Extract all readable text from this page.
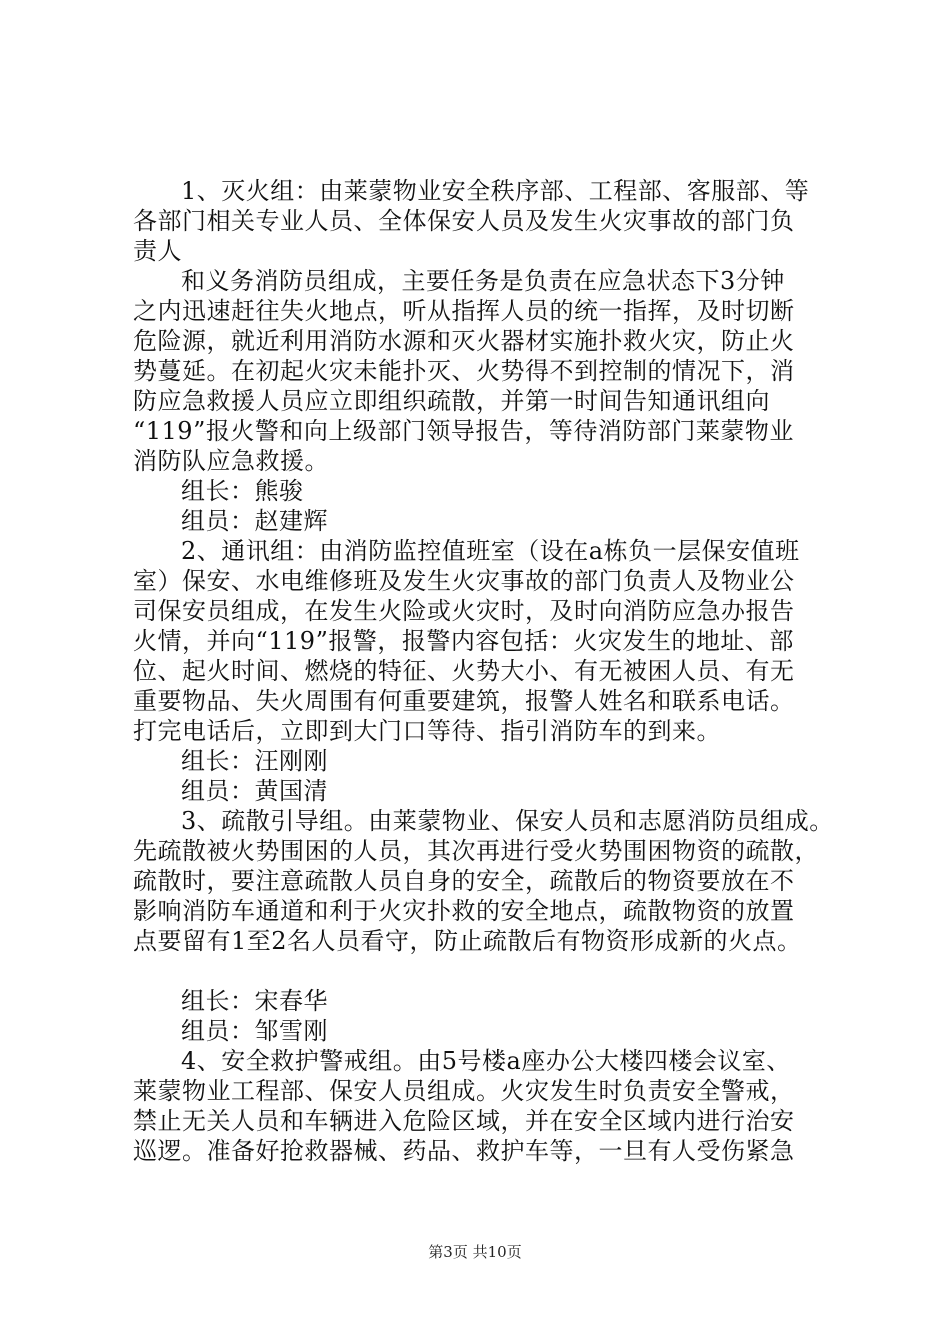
1、灭火组：由莱蒙物业安全秩序部、工程部、客服部、等
各部门相关专业人员、全体保安人员及发生火灾事故的部门负
责人
和义务消防员组成，主要任务是负责在应急状态下3分钟
之内迅速赶往失火地点，听从指挥人员的统一指挥，及时切断
危险源，就近利用消防水源和灭火器材实施扑救火灾，防止火
势蔓延。在初起火灾未能扑灭、火势得不到控制的情况下，消
防应急救援人员应立即组织疏散，并第一时间告知通讯组向
“119”报火警和向上级部门领导报告，等待消防部门莱蒙物业
消防队应急救援。
组长：熊骏
组员：赵建辉
2、通讯组：由消防监控值班室（设在a栋负一层保安值班
室）保安、水电维修班及发生火灾事故的部门负责人及物业公
司保安员组成，在发生火险或火灾时，及时向消防应急办报告
火情，并向“119”报警，报警内容包括：火灾发生的地址、部
位、起火时间、燃烧的特征、火势大小、有无被困人员、有无
重要物品、失火周围有何重要建筑，报警人姓名和联系电话。
打完电话后，立即到大门口等待、指引消防车的到来。
组长：汪刚刚
组员：黄国清
3、疏散引导组。由莱蒙物业、保安人员和志愿消防员组成。
先疏散被火势围困的人员，其次再进行受火势围困物资的疏散，
疏散时，要注意疏散人员自身的安全，疏散后的物资要放在不
影响消防车通道和利于火灾扑救的安全地点，疏散物资的放置
点要留有1至2名人员看守，防止疏散后有物资形成新的火点。
组长：宋春华
组员：邹雪刚
4、安全救护警戒组。由5号楼a座办公大楼四楼会议室、
莱蒙物业工程部、保安人员组成。火灾发生时负责安全警戒，
禁止无关人员和车辆进入危险区域，并在安全区域内进行治安
巡逻。准备好抢救器械、药品、救护车等，一旦有人受伤紧急
第3页 共10页
